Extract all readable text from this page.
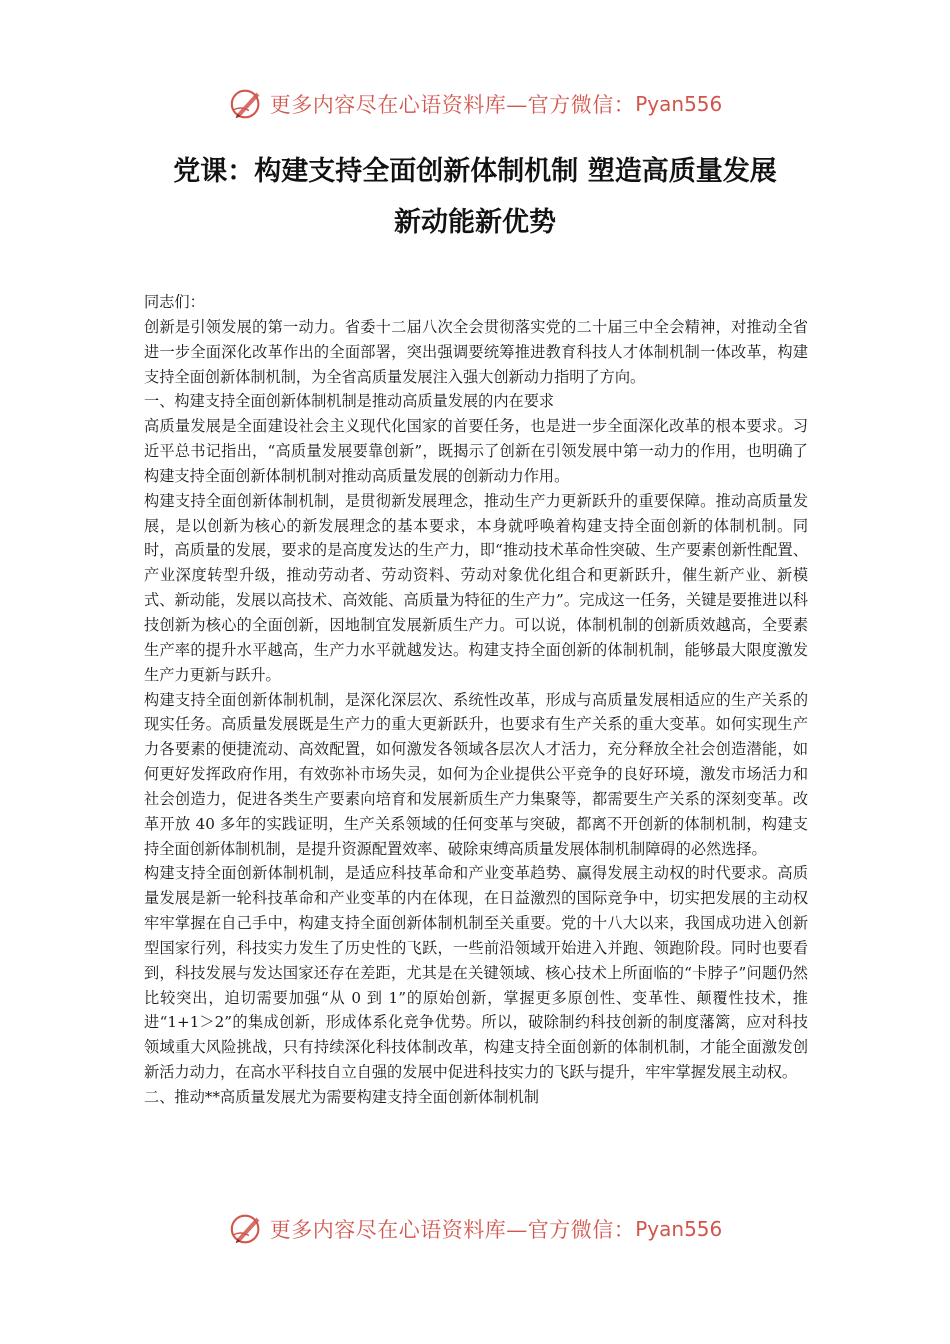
更多内容尽在心语资料库—官方微信： Pyan556
党课：构建支持全面创新体制机制 塑造高质量发展
新动能新优势

同志们：

创新是引领发展的第一动力。省委十二届八次全会贯彻落实党的二十届三中全会精神，对推动全省进一步全面深化改革作出的全面部署，突出强调要统筹推进教育科技人才体制机制一体改革，构建支持全面创新体制机制，为全省高质量发展注入强大创新动力指明了方向。

一、构建支持全面创新体制机制是推动高质量发展的内在要求

高质量发展是全面建设社会主义现代化国家的首要任务，也是进一步全面深化改革的根本要求。习近平总书记指出，“高质量发展要靠创新”，既揭示了创新在引领发展中第一动力的作用，也明确了构建支持全面创新体制机制对推动高质量发展的创新动力作用。

构建支持全面创新体制机制，是贯彻新发展理念，推动生产力更新跃升的重要保障。推动高质量发展，是以创新为核心的新发展理念的基本要求，本身就呼唤着构建支持全面创新的体制机制。同时，高质量的发展，要求的是高度发达的生产力，即“推动技术革命性突破、生产要素创新性配置、产业深度转型升级，推动劳动者、劳动资料、劳动对象优化组合和更新跃升，催生新产业、新模式、新动能，发展以高技术、高效能、高质量为特征的生产力”。完成这一任务，关键是要推进以科技创新为核心的全面创新，因地制宜发展新质生产力。可以说，体制机制的创新质效越高，全要素生产率的提升水平越高，生产力水平就越发达。构建支持全面创新的体制机制，能够最大限度激发生产力更新与跃升。

构建支持全面创新体制机制，是深化深层次、系统性改革，形成与高质量发展相适应的生产关系的现实任务。高质量发展既是生产力的重大更新跃升，也要求有生产关系的重大变革。如何实现生产力各要素的便捷流动、高效配置，如何激发各领域各层次人才活力，充分释放全社会创造潜能，如何更好发挥政府作用，有效弥补市场失灵，如何为企业提供公平竞争的良好环境，激发市场活力和社会创造力，促进各类生产要素向培育和发展新质生产力集聚等，都需要生产关系的深刻变革。改革开放 40 多年的实践证明，生产关系领域的任何变革与突破，都离不开创新的体制机制，构建支持全面创新体制机制，是提升资源配置效率、破除束缚高质量发展体制机制障碍的必然选择。

构建支持全面创新体制机制，是适应科技革命和产业变革趋势、赢得发展主动权的时代要求。高质量发展是新一轮科技革命和产业变革的内在体现，在日益激烈的国际竞争中，切实把发展的主动权牢牢掌握在自己手中，构建支持全面创新体制机制至关重要。党的十八大以来，我国成功进入创新型国家行列，科技实力发生了历史性的飞跃，一些前沿领域开始进入并跑、领跑阶段。同时也要看到，科技发展与发达国家还存在差距，尤其是在关键领域、核心技术上所面临的“卡脖子”问题仍然比较突出，迫切需要加强“从 0 到 1”的原始创新，掌握更多原创性、变革性、颠覆性技术，推进“1+1＞2”的集成创新，形成体系化竞争优势。所以，破除制约科技创新的制度藩篱，应对科技领域重大风险挑战，只有持续深化科技体制改革，构建支持全面创新的体制机制，才能全面激发创新活力动力，在高水平科技自立自强的发展中促进科技实力的飞跃与提升，牢牢掌握发展主动权。

二、推动**高质量发展尤为需要构建支持全面创新体制机制

更多内容尽在心语资料库—官方微信： Pyan556
